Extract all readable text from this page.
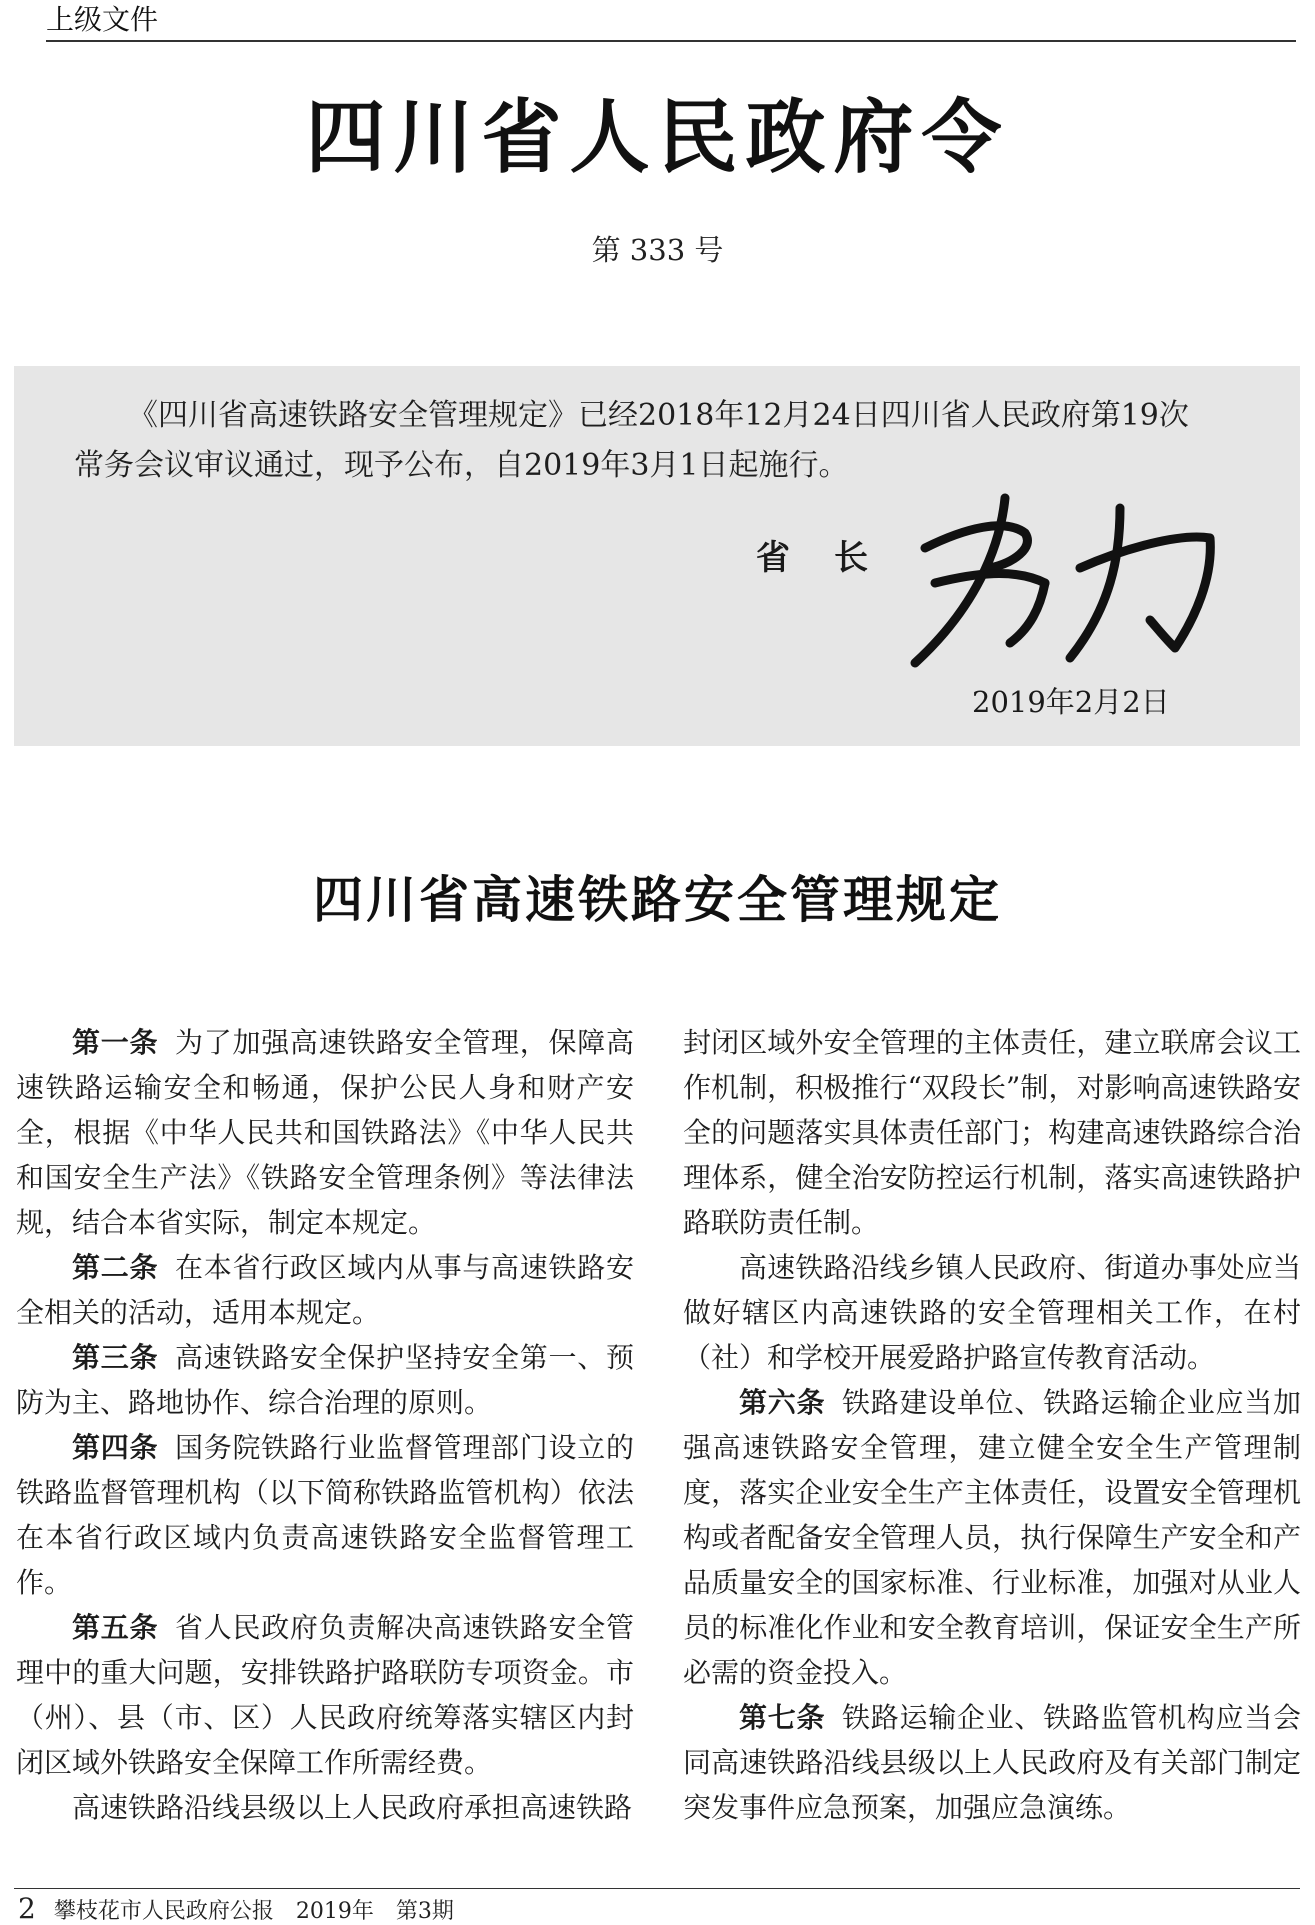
上级文件
四川省人民政府令
第 333 号
《四川省高速铁路安全管理规定》已经2018年12月24日四川省人民政府第19次
常务会议审议通过，现予公布，自2019年3月1日起施行。
省长
2019年2月2日
四川省高速铁路安全管理规定

第一条 为了加强高速铁路安全管理，保障高速铁路运输安全和畅通，保护公民人身和财产安全，根据《中华人民共和国铁路法》《中华人民共和国安全生产法》《铁路安全管理条例》等法律法规，结合本省实际，制定本规定。

第二条 在本省行政区域内从事与高速铁路安全相关的活动，适用本规定。

第三条 高速铁路安全保护坚持安全第一、预防为主、路地协作、综合治理的原则。

第四条 国务院铁路行业监督管理部门设立的铁路监督管理机构（以下简称铁路监管机构）依法在本省行政区域内负责高速铁路安全监督管理工作。

第五条 省人民政府负责解决高速铁路安全管理中的重大问题，安排铁路护路联防专项资金。市（州）、县（市、区）人民政府统筹落实辖区内封闭区域外铁路安全保障工作所需经费。

高速铁路沿线县级以上人民政府承担高速铁路

封闭区域外安全管理的主体责任，建立联席会议工作机制，积极推行“双段长”制，对影响高速铁路安全的问题落实具体责任部门；构建高速铁路综合治理体系，健全治安防控运行机制，落实高速铁路护路联防责任制。

高速铁路沿线乡镇人民政府、街道办事处应当做好辖区内高速铁路的安全管理相关工作，在村（社）和学校开展爱路护路宣传教育活动。

第六条 铁路建设单位、铁路运输企业应当加强高速铁路安全管理，建立健全安全生产管理制度，落实企业安全生产主体责任，设置安全管理机构或者配备安全管理人员，执行保障生产安全和产品质量安全的国家标准、行业标准，加强对从业人员的标准化作业和安全教育培训，保证安全生产所必需的资金投入。

第七条 铁路运输企业、铁路监管机构应当会同高速铁路沿线县级以上人民政府及有关部门制定突发事件应急预案，加强应急演练。

2 攀枝花市人民政府公报 2019年 第3期
